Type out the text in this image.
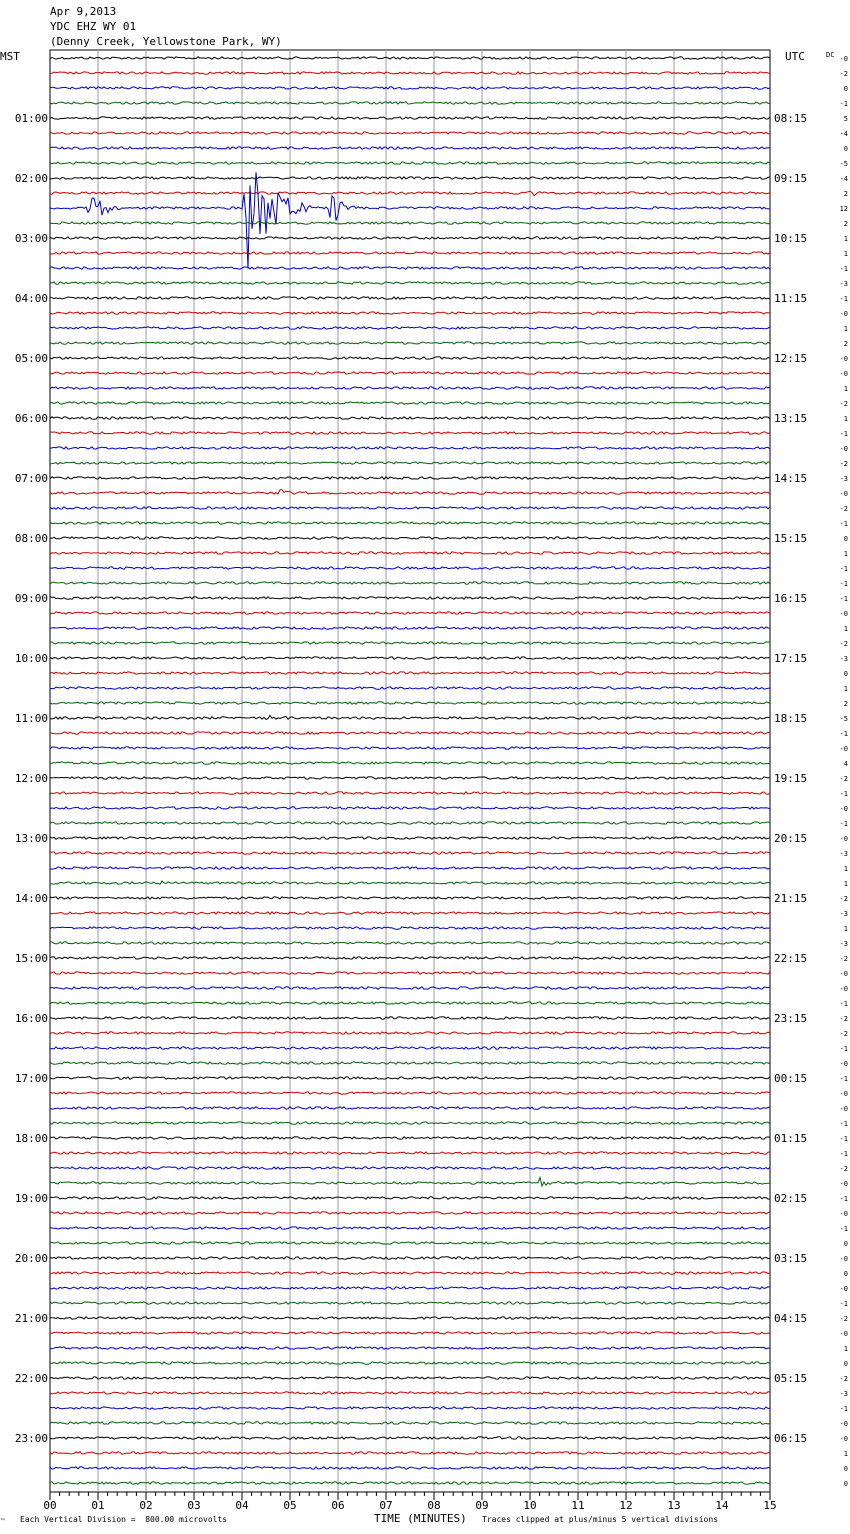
Apr 9,2013
YDC EHZ WY 01
(Denny Creek, Yellowstone Park, WY)
MST	UTC
00	01	02	03	04	05	06	07	08	09	10	11	12	13	14	15
01:00
02:00
03:00
04:00
05:00
06:00
07:00
08:00
09:00
10:00
11:00
12:00
13:00
14:00
15:00
16:00
17:00
18:00
19:00
20:00
21:00
22:00
23:00
08:15
09:15
10:15
11:15
12:15
13:15
14:15
15:15
16:15
17:15
18:15
19:15
20:15
21:15
22:15
23:15
00:15
01:15
02:15
03:15
04:15
05:15
06:15
DC -0
-2
0
-1
5
-4
0
-5
-4
2
12
2
1
1
-1
-3
-1
-0
1
2
-0
-0
1
-2
1
-1
-0
-2
-3
-0
-2
-1
0
1
-1
-1
-1
-0
1
-2
-3
0
1
2
-5
-1
-0
4
-2
-1
-0
-1
-0
-3
1
1
-2
-3
1
-3
-2
-0
-0
-1
-2
-2
-1
-0
-1
-0
-0
-1
-1
-1
-2
-0
-1
-0
-1
0
-0
0
-0
-1
-2
-0
1
0
-2
-3
-1
-0
-0
1
0
0
TIME (MINUTES)
Each Vertical Division =  800.00 microvolts	Traces clipped at plus/minus 5 vertical divisions
™
